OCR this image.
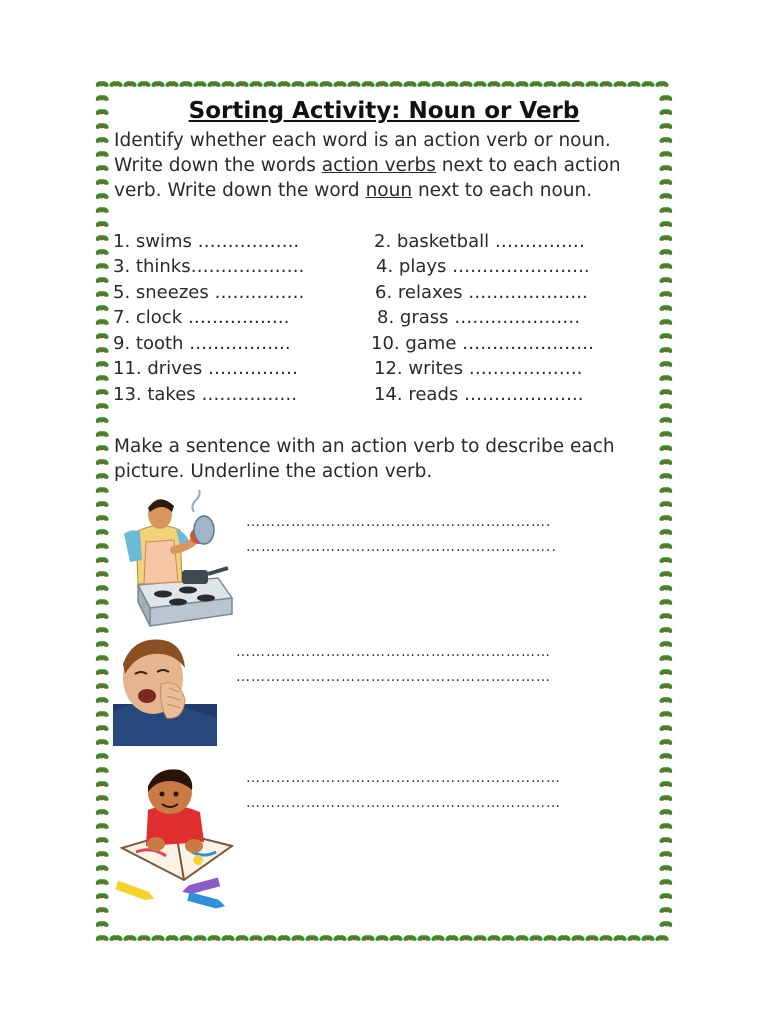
Sorting Activity: Noun or Verb
Identify whether each word is an action verb or noun.
Write down the words action verbs next to each action
verb. Write down the word noun next to each noun.
1. swims ……………..	2. basketball ……………
3. thinks……………….	4. plays …………………..
5. sneezes ……………	6. relaxes ………………..
7. clock ……………..	8. grass …………………
9. tooth ……………..	10. game ………………….
11. drives ……………	12. writes ……………….
13. takes …………….	14. reads ………………..
Make a sentence with an action verb to describe each
picture. Underline the action verb.
…………………………………………………….
……………………………………………………..
………………………………………………………
………………………………………………………
………………………………………………………
………………………………………………………
